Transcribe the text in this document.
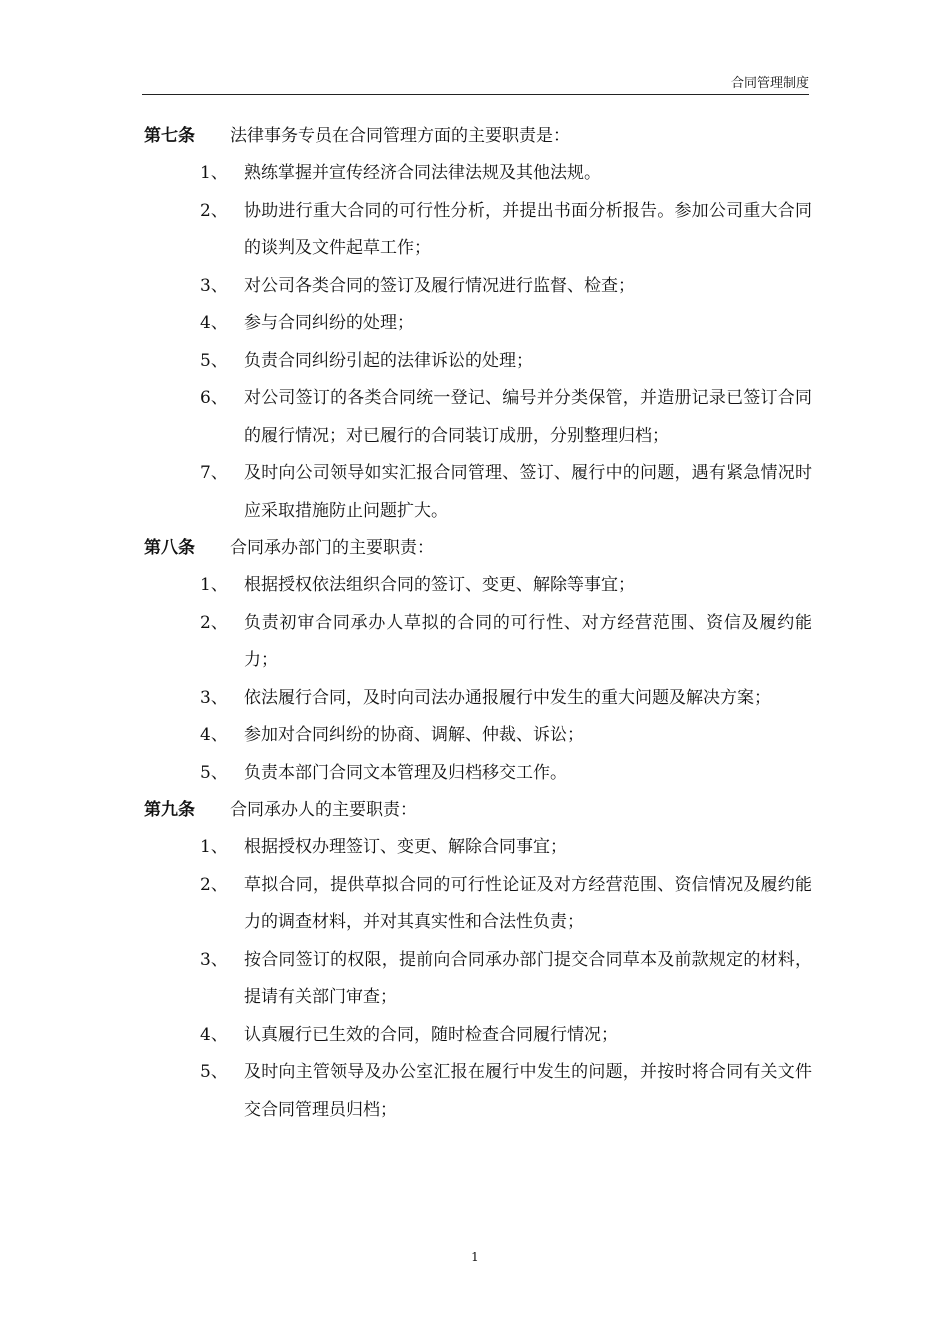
合同管理制度
第七条	法律事务专员在合同管理方面的主要职责是：
1、 熟练掌握并宣传经济合同法律法规及其他法规。
2、 协助进行重大合同的可行性分析，并提出书面分析报告。参加公司重大合同的谈判及文件起草工作；
3、 对公司各类合同的签订及履行情况进行监督、检查；
4、 参与合同纠纷的处理；
5、 负责合同纠纷引起的法律诉讼的处理；
6、 对公司签订的各类合同统一登记、编号并分类保管，并造册记录已签订合同的履行情况；对已履行的合同装订成册，分别整理归档；
7、 及时向公司领导如实汇报合同管理、签订、履行中的问题，遇有紧急情况时应采取措施防止问题扩大。
第八条	合同承办部门的主要职责：
1、 根据授权依法组织合同的签订、变更、解除等事宜；
2、 负责初审合同承办人草拟的合同的可行性、对方经营范围、资信及履约能力；
3、 依法履行合同，及时向司法办通报履行中发生的重大问题及解决方案；
4、 参加对合同纠纷的协商、调解、仲裁、诉讼；
5、 负责本部门合同文本管理及归档移交工作。
第九条	合同承办人的主要职责：
1、 根据授权办理签订、变更、解除合同事宜；
2、 草拟合同，提供草拟合同的可行性论证及对方经营范围、资信情况及履约能力的调查材料，并对其真实性和合法性负责；
3、 按合同签订的权限，提前向合同承办部门提交合同草本及前款规定的材料，提请有关部门审查；
4、 认真履行已生效的合同，随时检查合同履行情况；
5、 及时向主管领导及办公室汇报在履行中发生的问题，并按时将合同有关文件交合同管理员归档；
1
